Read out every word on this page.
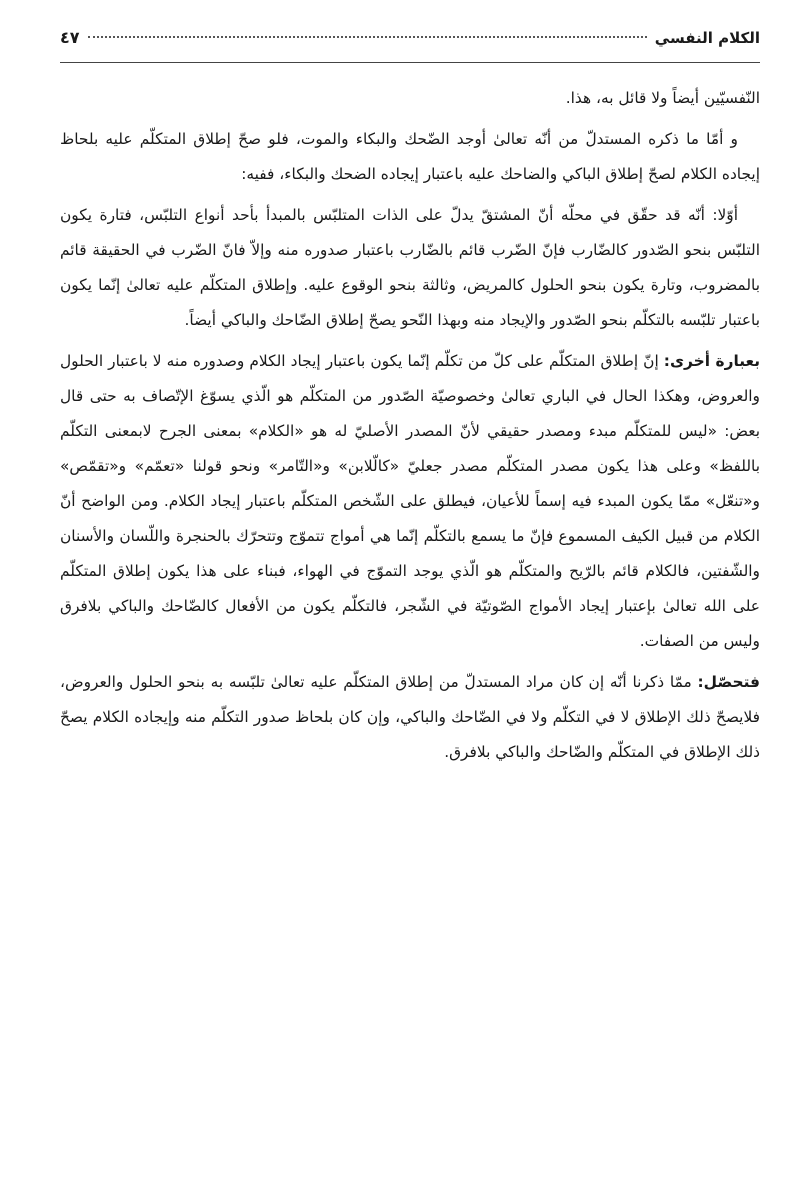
الكلام النفسي
٤٧

النّفسيّين أيضاً ولا قائل به، هذا.

و أمّا ما ذكره المستدلّ من أنّه تعالىٰ أوجد الضّحك والبكاء والموت، فلو صحّ إطلاق المتكلّم عليه بلحاظ إيجاده الكلام لصحّ إطلاق الباكي والضاحك عليه باعتبار إيجاده الضحك والبكاء، ففيه:

أوّلا: أنّه قد حقّق في محلّه أنّ المشتقّ يدلّ على الذات المتلبّس بالمبدأ بأحد أنواع التلبّس، فتارة يكون التلبّس بنحو الصّدور كالضّارب فإنّ الضّرب قائم بالضّارب باعتبار صدوره منه وإلاّ فانّ الضّرب في الحقيقة قائم بالمضروب، وتارة يكون بنحو الحلول كالمريض، وثالثة بنحو الوقوع عليه. وإطلاق المتكلّم عليه تعالىٰ إنّما يكون باعتبار تلبّسه بالتكلّم بنحو الصّدور والإيجاد منه وبهذا النّحو يصحّ إطلاق الضّاحك والباكي أيضاً.

بعبارة أخرى: إنّ إطلاق المتكلّم على كلّ من تكلّم إنّما يكون باعتبار إيجاد الكلام وصدوره منه لا باعتبار الحلول والعروض، وهكذا الحال في الباري تعالىٰ وخصوصيّة الصّدور من المتكلّم هو الّذي يسوّغ الإتّصاف به حتى قال بعض: «ليس للمتكلّم مبدء ومصدر حقيقي لأنّ المصدر الأصليّ له هو «الكلام» بمعنى الجرح لابمعنى التكلّم باللفظ» وعلى هذا يكون مصدر المتكلّم مصدر جعليّ «كالّلابن» و«التّامر» ونحو قولنا «تعمّم» و«تقمّص» و«تنعّل» ممّا يكون المبدء فيه إسماً للأعيان، فيطلق على الشّخص المتكلّم باعتبار إيجاد الكلام. ومن الواضح أنّ الكلام من قبيل الكيف المسموع فإنّ ما يسمع بالتكلّم إنّما هي أمواج تتموّج وتتحرّك بالحنجرة واللّسان والأسنان والشّفتين، فالكلام قائم بالرّيح والمتكلّم هو الّذي يوجد التموّج في الهواء، فبناء على هذا يكون إطلاق المتكلّم على الله تعالىٰ بإعتبار إيجاد الأمواج الصّوتيّة في الشّجر، فالتكلّم يكون من الأفعال كالضّاحك والباكي بلافرق وليس من الصفات.

فتحصّل: ممّا ذكرنا أنّه إن كان مراد المستدلّ من إطلاق المتكلّم عليه تعالىٰ تلبّسه به بنحو الحلول والعروض، فلايصحّ ذلك الإطلاق لا في التكلّم ولا في الضّاحك والباكي، وإن كان بلحاظ صدور التكلّم منه وإيجاده الكلام يصحّ ذلك الإطلاق في المتكلّم والضّاحك والباكي بلافرق.
